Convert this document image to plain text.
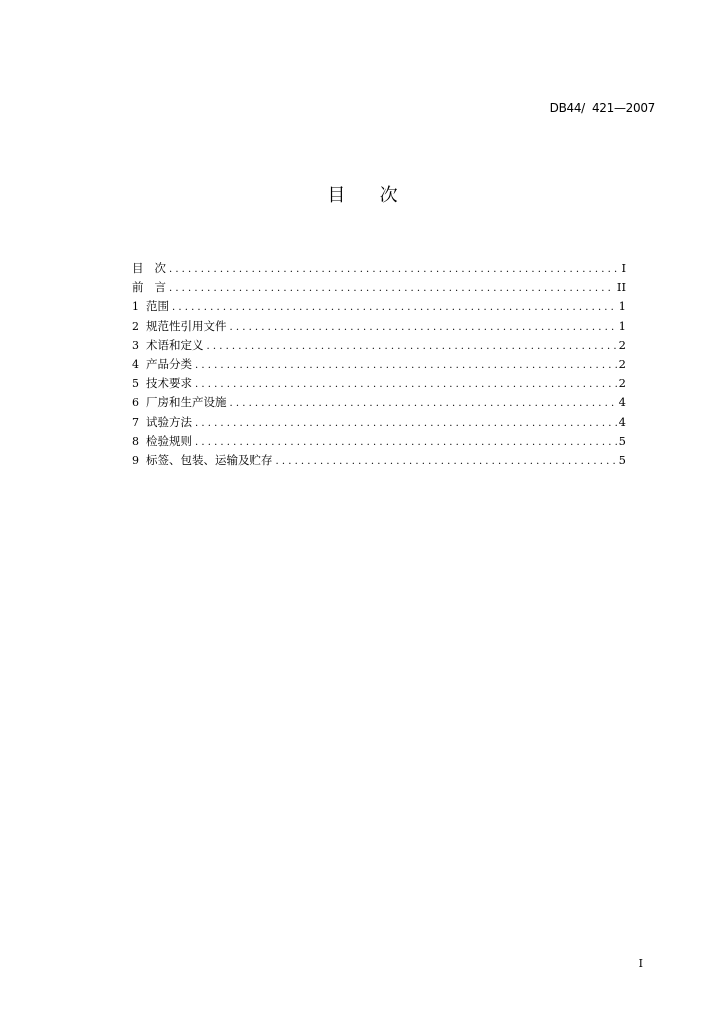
DB44/  421—2007
目      次
目   次 . . .	I
前   言 . . .	II
1 范围 . . .	1
2 规范性引用文件 . . .	1
3 术语和定义 . . .	2
4 产品分类 . . .	2
5 技术要求 . . .	2
6 厂房和生产设施 . . .	4
7 试验方法 . . .	4
8 检验规则 . . .	5
9 标签、包装、运输及贮存 . . .	5
I
